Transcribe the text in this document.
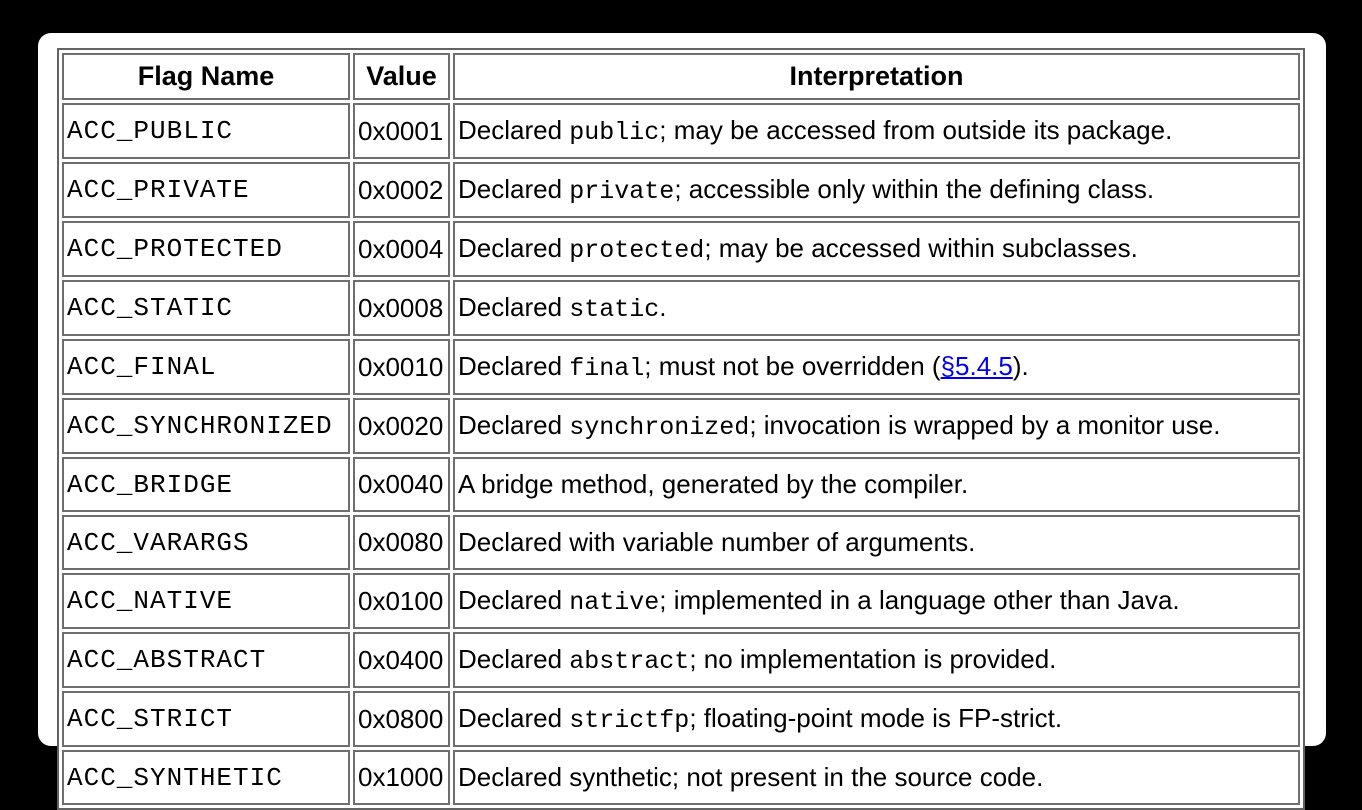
Flag Name	Value	Interpretation
ACC_PUBLIC	0x0001	Declared public; may be accessed from outside its package.
ACC_PRIVATE	0x0002	Declared private; accessible only within the defining class.
ACC_PROTECTED	0x0004	Declared protected; may be accessed within subclasses.
ACC_STATIC	0x0008	Declared static.
ACC_FINAL	0x0010	Declared final; must not be overridden (§5.4.5).
ACC_SYNCHRONIZED	0x0020	Declared synchronized; invocation is wrapped by a monitor use.
ACC_BRIDGE	0x0040	A bridge method, generated by the compiler.
ACC_VARARGS	0x0080	Declared with variable number of arguments.
ACC_NATIVE	0x0100	Declared native; implemented in a language other than Java.
ACC_ABSTRACT	0x0400	Declared abstract; no implementation is provided.
ACC_STRICT	0x0800	Declared strictfp; floating-point mode is FP-strict.
ACC_SYNTHETIC	0x1000	Declared synthetic; not present in the source code.
